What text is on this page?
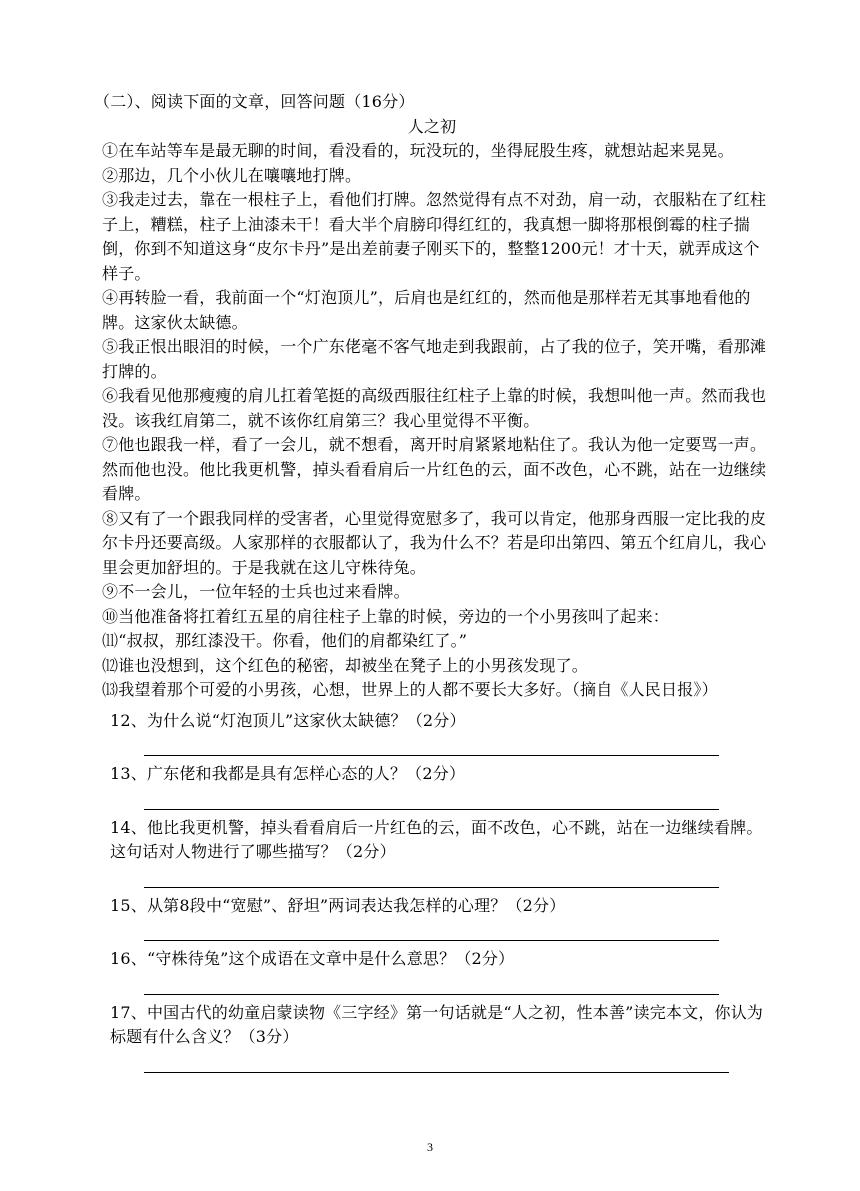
（二）、阅读下面的文章，回答问题（16分）

人之初

①在车站等车是最无聊的时间，看没看的，玩没玩的，坐得屁股生疼，就想站起来晃晃。

②那边，几个小伙儿在嚷嚷地打牌。

③我走过去，靠在一根柱子上，看他们打牌。忽然觉得有点不对劲，肩一动，衣服粘在了红柱子上，糟糕，柱子上油漆未干！看大半个肩膀印得红红的，我真想一脚将那根倒霉的柱子揣倒，你到不知道这身“皮尔卡丹”是出差前妻子刚买下的，整整1200元！才十天，就弄成这个样子。

④再转脸一看，我前面一个“灯泡顶儿”，后肩也是红红的，然而他是那样若无其事地看他的牌。这家伙太缺德。

⑤我正恨出眼泪的时候，一个广东佬毫不客气地走到我跟前，占了我的位子，笑开嘴，看那滩打牌的。

⑥我看见他那瘦瘦的肩儿扛着笔挺的高级西服往红柱子上靠的时候，我想叫他一声。然而我也没。该我红肩第二，就不该你红肩第三？我心里觉得不平衡。

⑦他也跟我一样，看了一会儿，就不想看，离开时肩紧紧地粘住了。我认为他一定要骂一声。然而他也没。他比我更机警，掉头看看肩后一片红色的云，面不改色，心不跳，站在一边继续看牌。

⑧又有了一个跟我同样的受害者，心里觉得宽慰多了，我可以肯定，他那身西服一定比我的皮尔卡丹还要高级。人家那样的衣服都认了，我为什么不？若是印出第四、第五个红肩儿，我心里会更加舒坦的。于是我就在这儿守株待兔。

⑨不一会儿，一位年轻的士兵也过来看牌。

⑩当他准备将扛着红五星的肩往柱子上靠的时候，旁边的一个小男孩叫了起来：

⑾“叔叔，那红漆没干。你看，他们的肩都染红了。”

⑿谁也没想到，这个红色的秘密，却被坐在凳子上的小男孩发现了。

⒀我望着那个可爱的小男孩，心想，世界上的人都不要长大多好。（摘自《人民日报》）

12、为什么说“灯泡顶儿”这家伙太缺德？（2分）

13、广东佬和我都是具有怎样心态的人？（2分）

14、他比我更机警，掉头看看肩后一片红色的云，面不改色，心不跳，站在一边继续看牌。这句话对人物进行了哪些描写？（2分）

15、从第8段中“宽慰”、舒坦”两词表达我怎样的心理？（2分）

16、“守株待兔”这个成语在文章中是什么意思？（2分）

17、中国古代的幼童启蒙读物《三字经》第一句话就是“人之初，性本善”读完本文，你认为标题有什么含义？（3分）

3
